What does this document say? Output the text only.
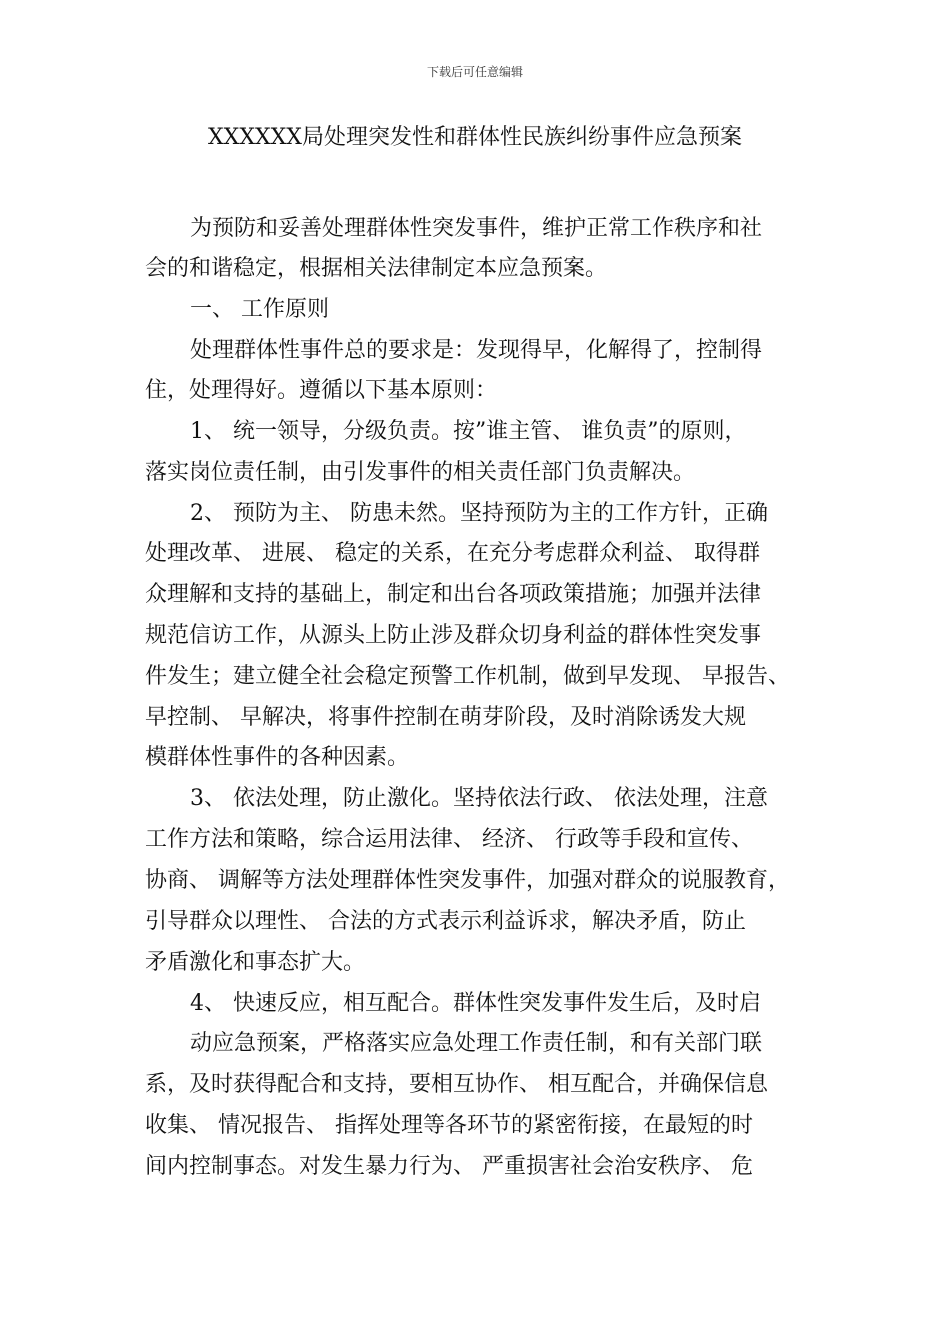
下载后可任意编辑
XXXXXX局处理突发性和群体性民族纠纷事件应急预案
为预防和妥善处理群体性突发事件，维护正常工作秩序和社
会的和谐稳定，根据相关法律制定本应急预案。
一、 工作原则
处理群体性事件总的要求是：发现得早，化解得了，控制得
住，处理得好。遵循以下基本原则：
1、 统一领导，分级负责。按”谁主管、 谁负责”的原则，
落实岗位责任制，由引发事件的相关责任部门负责解决。
2、 预防为主、 防患未然。坚持预防为主的工作方针，正确
处理改革、 进展、 稳定的关系，在充分考虑群众利益、 取得群
众理解和支持的基础上，制定和出台各项政策措施；加强并法律
规范信访工作，从源头上防止涉及群众切身利益的群体性突发事
件发生；建立健全社会稳定预警工作机制，做到早发现、 早报告、
早控制、 早解决，将事件控制在萌芽阶段，及时消除诱发大规
模群体性事件的各种因素。
3、 依法处理，防止激化。坚持依法行政、 依法处理，注意
工作方法和策略，综合运用法律、 经济、 行政等手段和宣传、
协商、 调解等方法处理群体性突发事件，加强对群众的说服教育，
引导群众以理性、 合法的方式表示利益诉求，解决矛盾，防止
矛盾激化和事态扩大。
4、 快速反应，相互配合。群体性突发事件发生后，及时启
动应急预案，严格落实应急处理工作责任制，和有关部门联
系，及时获得配合和支持，要相互协作、 相互配合，并确保信息
收集、 情况报告、 指挥处理等各环节的紧密衔接，在最短的时
间内控制事态。对发生暴力行为、 严重损害社会治安秩序、 危
